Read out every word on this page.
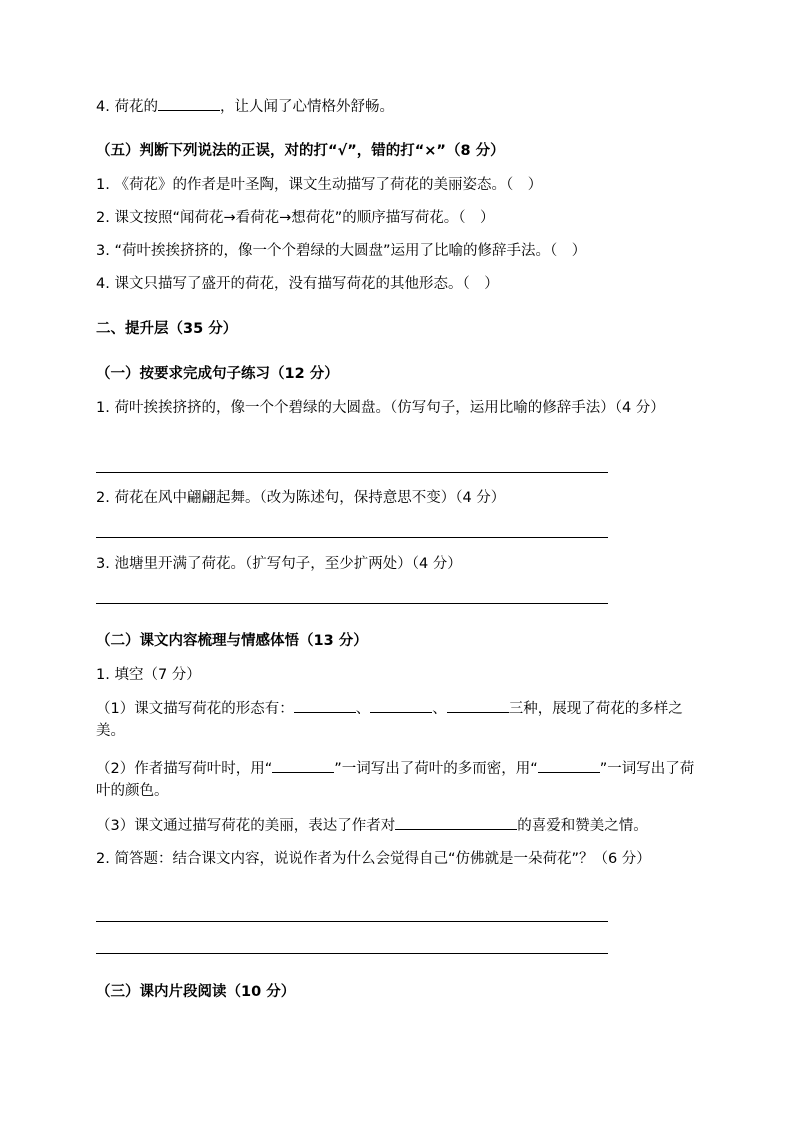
4. 荷花的	，让人闻了心情格外舒畅。
（五）判断下列说法的正误，对的打“√”，错的打“×”（8 分）
1. 《荷花》的作者是叶圣陶，课文生动描写了荷花的美丽姿态。（　）
2. 课文按照“闻荷花→看荷花→想荷花”的顺序描写荷花。（　）
3. “荷叶挨挨挤挤的，像一个个碧绿的大圆盘”运用了比喻的修辞手法。（　）
4. 课文只描写了盛开的荷花，没有描写荷花的其他形态。（　）
二、提升层（35 分）
（一）按要求完成句子练习（12 分）
1. 荷叶挨挨挤挤的，像一个个碧绿的大圆盘。（仿写句子，运用比喻的修辞手法）（4 分）
2. 荷花在风中翩翩起舞。（改为陈述句，保持意思不变）（4 分）
3. 池塘里开满了荷花。（扩写句子，至少扩两处）（4 分）
（二）课文内容梳理与情感体悟（13 分）
1. 填空（7 分）
（1）课文描写荷花的形态有：	、	、	三种，展现了荷花的多样之美。
（2）作者描写荷叶时，用“	”一词写出了荷叶的多而密，用“	”一词写出了荷叶的颜色。
（3）课文通过描写荷花的美丽，表达了作者对	的喜爱和赞美之情。
2. 简答题：结合课文内容，说说作者为什么会觉得自己“仿佛就是一朵荷花”？（6 分）
（三）课内片段阅读（10 分）
